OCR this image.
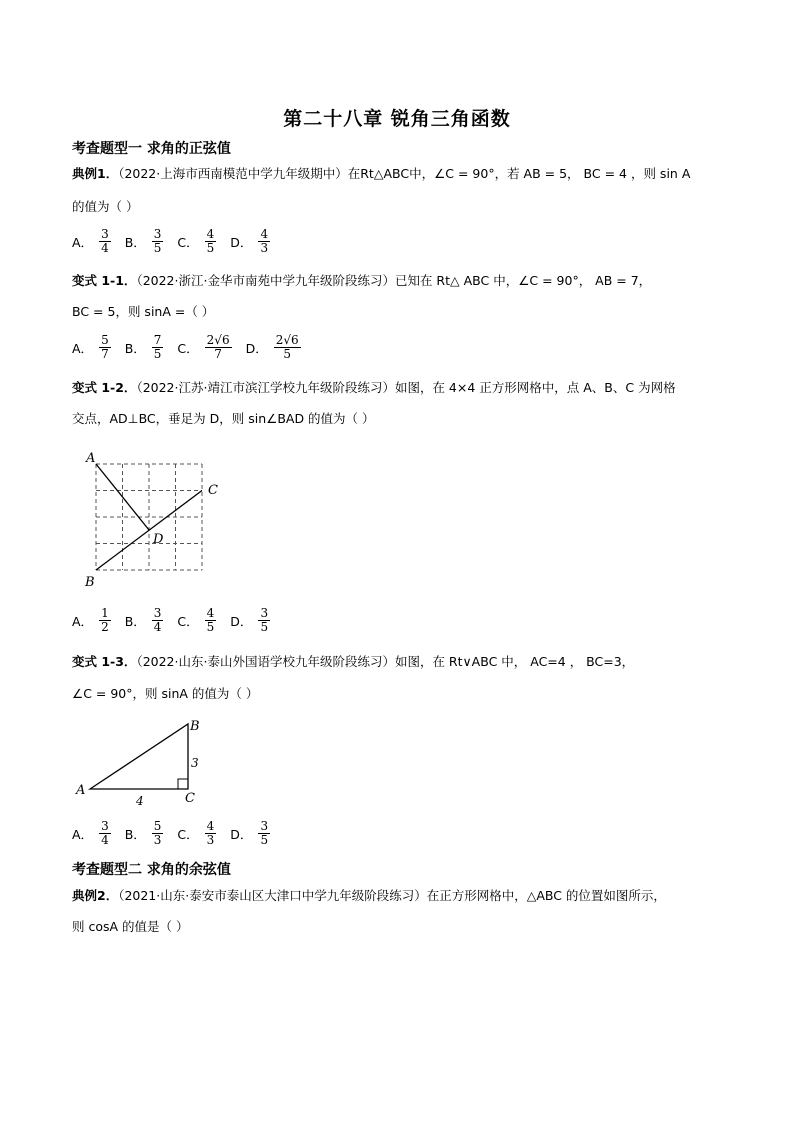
第二十八章 锐角三角函数
考查题型一 求角的正弦值
典例1．（2022·上海市西南模范中学九年级期中）在Rt△ABC中，∠C = 90°，若 AB = 5， BC = 4 ，则 sin A
的值为（ ）
A． $\frac{3}{4}$ B． $\frac{3}{5}$ C． $\frac{4}{5}$ D． $\frac{4}{3}$
变式 1-1．（2022·浙江·金华市南苑中学九年级阶段练习）已知在 Rt△ ABC 中，∠C = 90°， AB = 7，
BC = 5，则 sinA =（ ）
A． $\frac{5}{7}$ B． $\frac{7}{5}$ C． $\frac{2√6}{7}$ D． $\frac{2√6}{5}$
变式 1-2．（2022·江苏·靖江市滨江学校九年级阶段练习）如图，在 4×4 正方形网格中，点 A、B、C 为网格
交点，AD⊥BC，垂足为 D，则 sin∠BAD 的值为（ ）
A
B
C
D
A． $\frac{1}{2}$ B． $\frac{3}{4}$ C． $\frac{4}{5}$ D． $\frac{3}{5}$
变式 1-3．（2022·山东·泰山外国语学校九年级阶段练习）如图，在 Rt∨ABC 中， AC=4 ， BC=3，
∠C = 90°，则 sinA 的值为（ ）
A
B
C
3
4
A． $\frac{3}{4}$ B． $\frac{5}{3}$ C． $\frac{4}{3}$ D． $\frac{3}{5}$
考查题型二 求角的余弦值
典例2．（2021·山东·泰安市泰山区大津口中学九年级阶段练习）在正方形网格中，△ABC 的位置如图所示，
则 cosA 的值是（ ）
